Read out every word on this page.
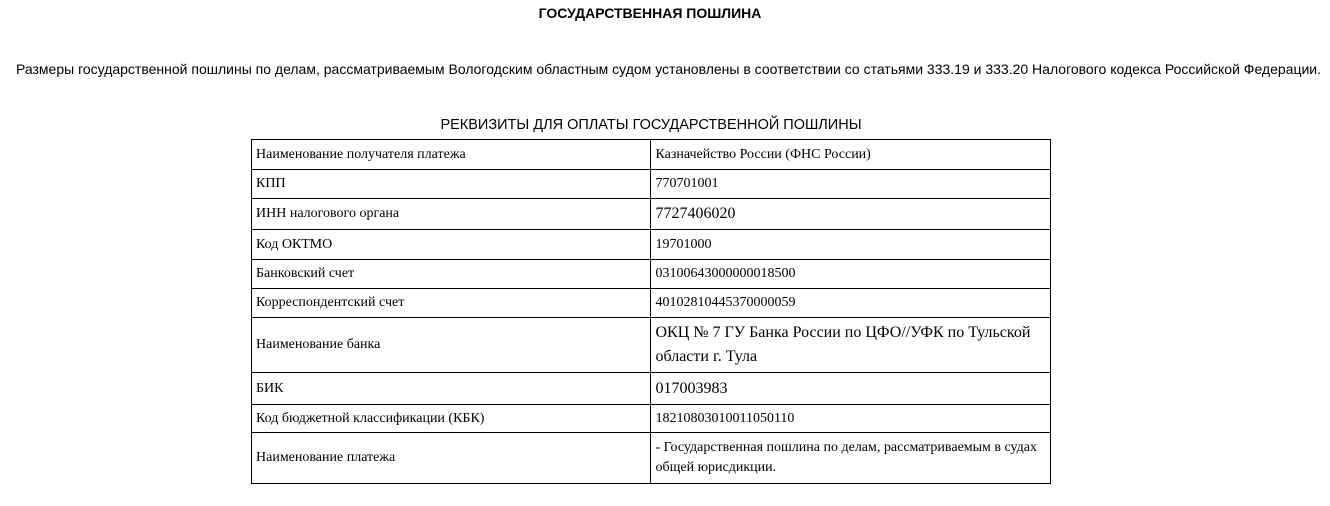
ГОСУДАРСТВЕННАЯ ПОШЛИНА

Размеры государственной пошлины по делам, рассматриваемым Вологодским областным судом установлены в соответствии со статьями 333.19 и 333.20 Налогового кодекса Российской Федерации.

РЕКВИЗИТЫ ДЛЯ ОПЛАТЫ ГОСУДАРСТВЕННОЙ ПОШЛИНЫ
Наименование получателя платежа	Казначейство России (ФНС России)
КПП	770701001
ИНН налогового органа	7727406020
Код ОКТМО	19701000
Банковский счет	03100643000000018500
Корреспондентский счет	40102810445370000059
Наименование банка	ОКЦ № 7 ГУ Банка России по ЦФО//УФК по Тульской области г. Тула
БИК	017003983
Код бюджетной классификации (КБК)	18210803010011050110
Наименование платежа	- Государственная пошлина по делам, рассматриваемым в судах общей юрисдикции.
